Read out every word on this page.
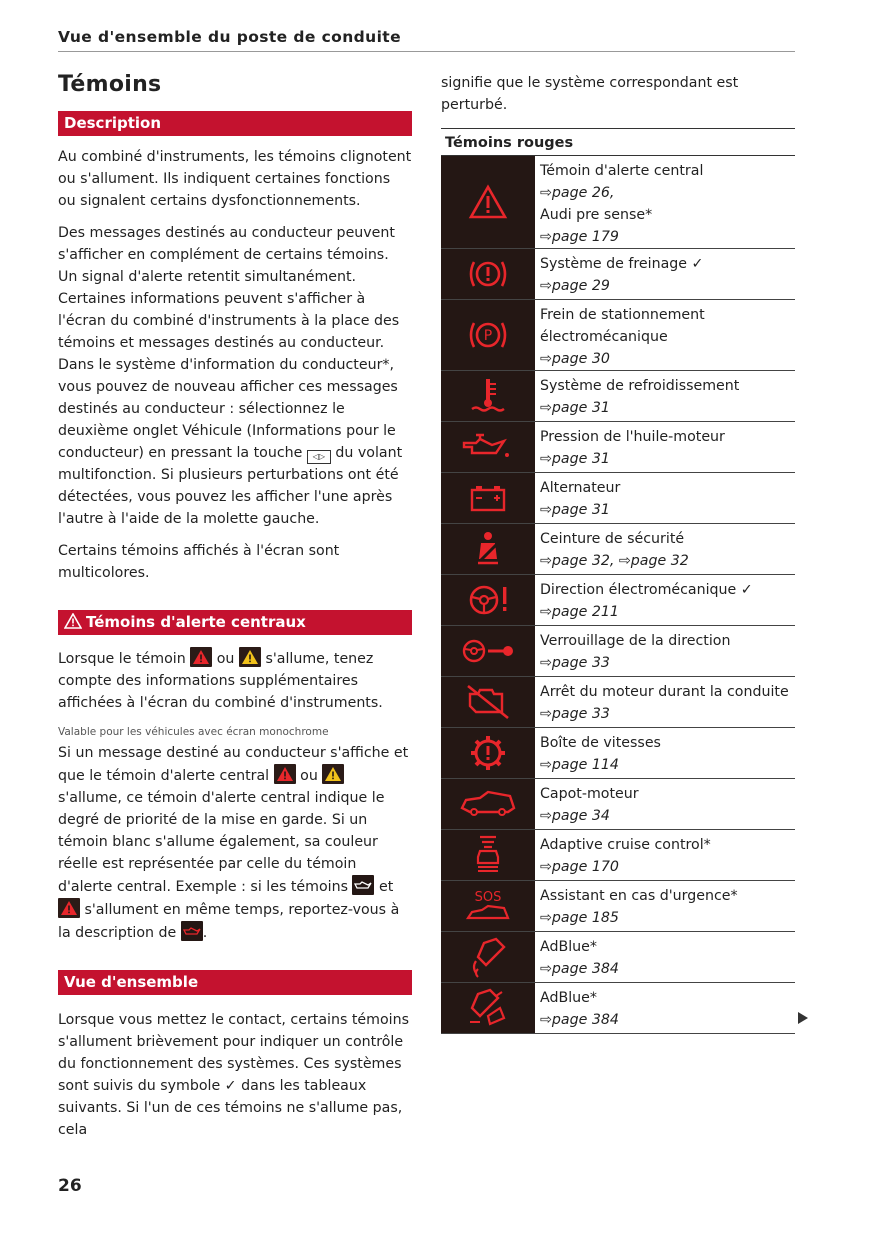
Vue d'ensemble du poste de conduite
Témoins
Description

Au combiné d'instruments, les témoins clignotent ou s'allument. Ils indiquent certaines fonctions ou signalent certains dysfonctionnements.

Des messages destinés au conducteur peuvent s'afficher en complément de certains témoins. Un signal d'alerte retentit simultanément. Certaines informations peuvent s'afficher à l'écran du combiné d'instruments à la place des témoins et messages destinés au conducteur. Dans le système d'information du conducteur*, vous pouvez de nouveau afficher ces messages destinés au conducteur : sélectionnez le deuxième onglet Véhicule (Informations pour le conducteur) en pressant la touche ◁▷ du volant multifonction. Si plusieurs perturbations ont été détectées, vous pouvez les afficher l'une après l'autre à l'aide de la molette gauche.

Certains témoins affichés à l'écran sont multicolores.

Témoins d'alerte centraux

Lorsque le témoin ou s'allume, tenez compte des informations supplémentaires affichées à l'écran du combiné d'instruments.

Valable pour les véhicules avec écran monochrome

Si un message destiné au conducteur s'affiche et que le témoin d'alerte central ou  s'allume, ce témoin d'alerte central indique le degré de priorité de la mise en garde. Si un témoin blanc s'allume également, sa couleur réelle est représentée par celle du témoin d'alerte central. Exemple : si les témoins et  s'allument en même temps, reportez-vous à la description de .

Vue d'ensemble

Lorsque vous mettez le contact, certains témoins s'allument brièvement pour indiquer un contrôle du fonctionnement des systèmes. Ces systèmes sont suivis du symbole ✓ dans les tableaux suivants. Si l'un de ces témoins ne s'allume pas, cela

signifie que le système correspondant est perturbé.

Témoins rouges
Témoin d'alerte central
⇨page 26,
Audi pre sense*
⇨page 179
Système de freinage ✓
⇨page 29
P
Frein de stationnement électromécanique
⇨page 30
Système de refroidissement
⇨page 31
Pression de l'huile-moteur
⇨page 31
Alternateur
⇨page 31
Ceinture de sécurité
⇨page 32, ⇨page 32
Direction électromécanique ✓
⇨page 211
Verrouillage de la direction
⇨page 33
Arrêt du moteur durant la conduite
⇨page 33
Boîte de vitesses
⇨page 114
Capot-moteur
⇨page 34
Adaptive cruise control*
⇨page 170
SOS	Assistant en cas d'urgence*
⇨page 185
AdBlue*
⇨page 384
AdBlue*
⇨page 384
26
